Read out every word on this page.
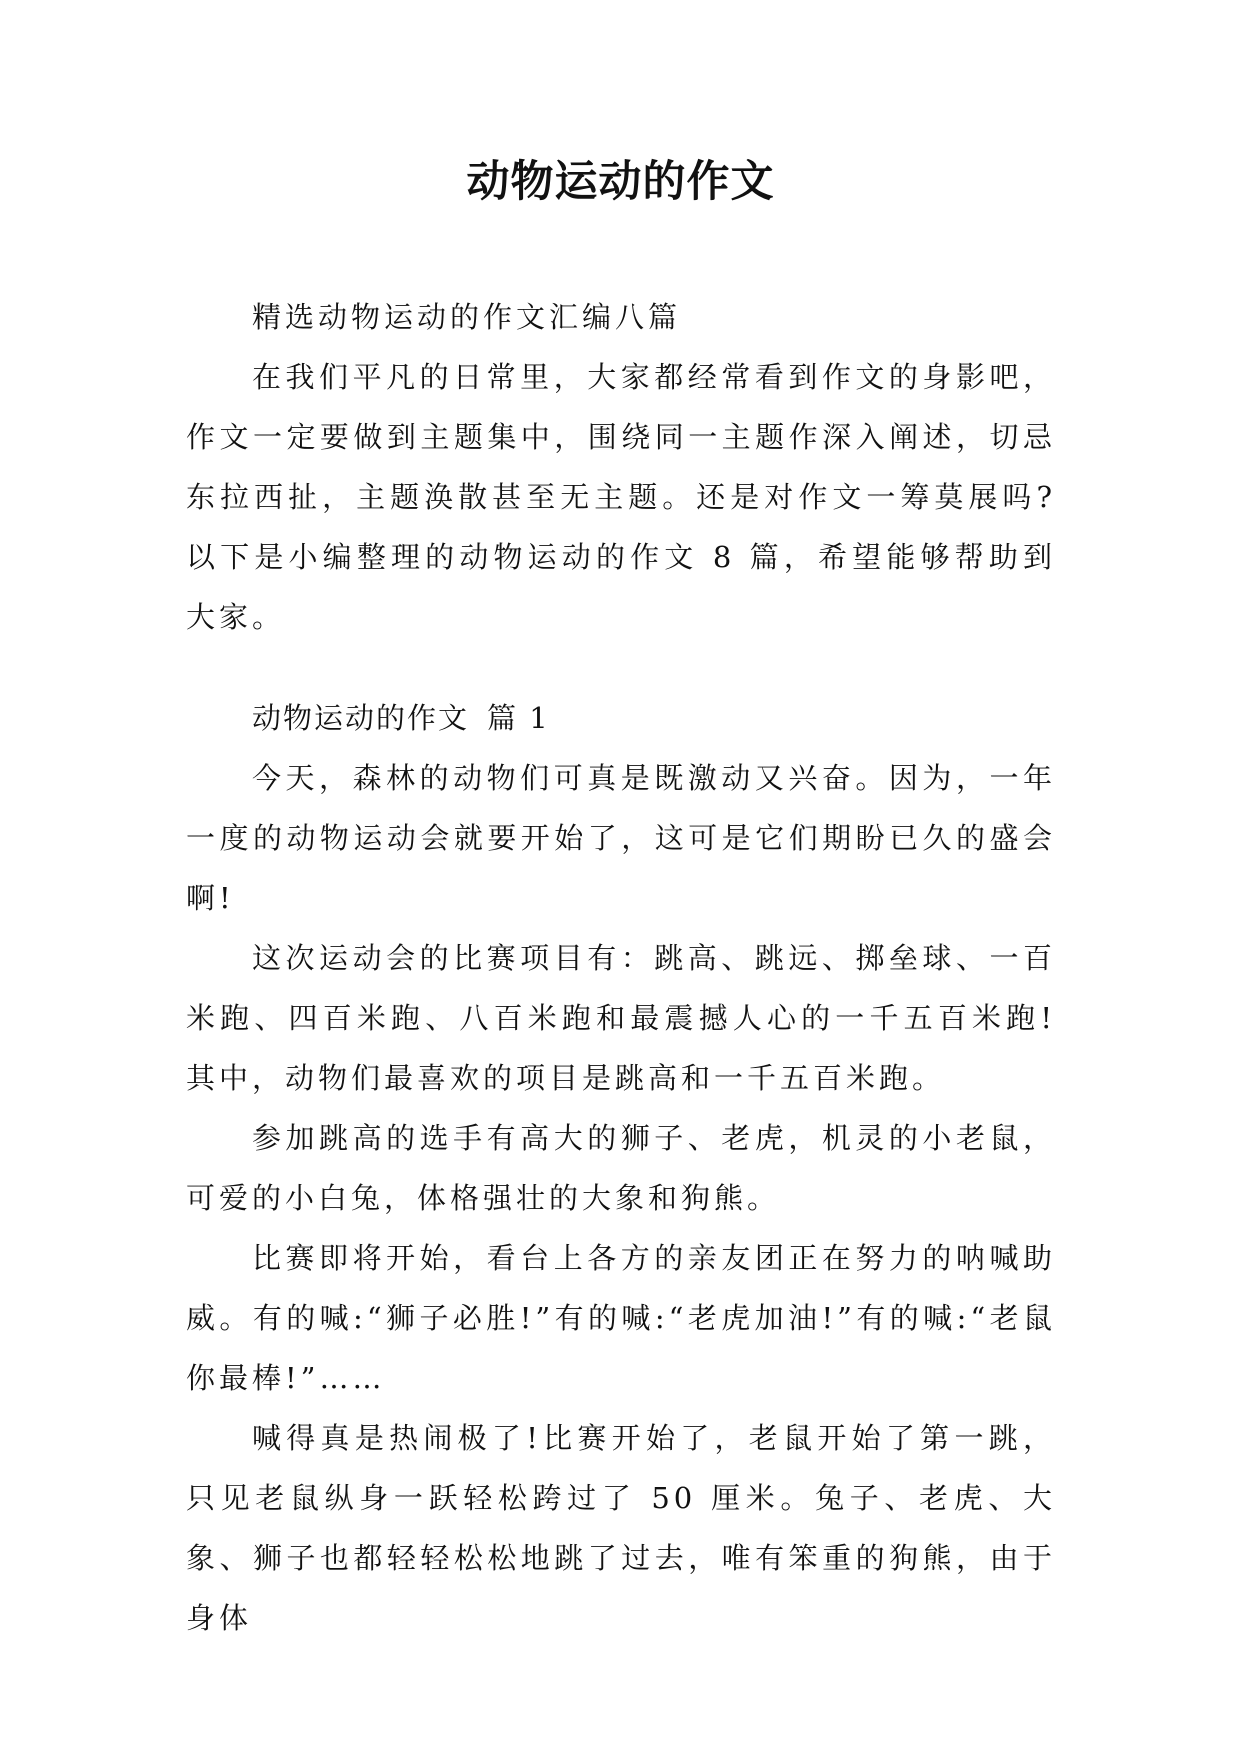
动物运动的作文

精选动物运动的作文汇编八篇

在我们平凡的日常里，大家都经常看到作文的身影吧，作文一定要做到主题集中，围绕同一主题作深入阐述，切忌东拉西扯，主题涣散甚至无主题。还是对作文一筹莫展吗?以下是小编整理的动物运动的作文 8 篇，希望能够帮助到大家。

动物运动的作文 篇 1

今天，森林的动物们可真是既激动又兴奋。因为，一年一度的动物运动会就要开始了，这可是它们期盼已久的盛会啊!

这次运动会的比赛项目有：跳高、跳远、掷垒球、一百米跑、四百米跑、八百米跑和最震撼人心的一千五百米跑!其中，动物们最喜欢的项目是跳高和一千五百米跑。

参加跳高的选手有高大的狮子、老虎，机灵的小老鼠，可爱的小白兔，体格强壮的大象和狗熊。

比赛即将开始，看台上各方的亲友团正在努力的呐喊助威。有的喊:“狮子必胜!”有的喊:“老虎加油!”有的喊:“老鼠你最棒!”……

喊得真是热闹极了!比赛开始了，老鼠开始了第一跳，只见老鼠纵身一跃轻松跨过了 50 厘米。兔子、老虎、大象、狮子也都轻轻松松地跳了过去，唯有笨重的狗熊，由于身体
